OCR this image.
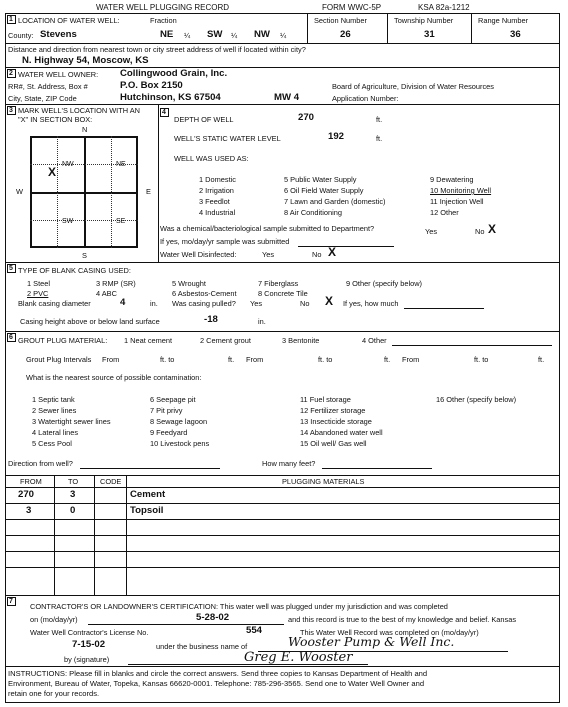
WATER WELL PLUGGING RECORD	FORM WWC-5P	KSA 82a-1212
1 LOCATION OF WATER WELL:	Fraction	Section Number	Township Number	Range Number
County: Stevens	NE ¼ SW ¼ NW ¼	26	31	36
Distance and direction from nearest town or city street address of well if located within city?
N. Highway 54, Moscow, KS
2 WATER WELL OWNER: Collingwood Grain, Inc.
RR#, St. Address, Box #	P.O. Box 2150	Board of Agriculture, Division of Water Resources
City, State, ZIP Code	Hutchinson, KS 67504	MW 4	Application Number:
3 MARK WELL'S LOCATION WITH AN
"X" IN SECTION BOX:
N
S
W	E
NW	NE
SW	SE
X
4
DEPTH OF WELL	270	ft.
WELL'S STATIC WATER LEVEL	192	ft.
WELL WAS USED AS:
1 Domestic
2 Irrigation
3 Feedlot
4 Industrial
5 Public Water Supply
6 Oil Field Water Supply
7 Lawn and Garden (domestic)
8 Air Conditioning
9 Dewatering
10 Monitoring Well
11 Injection Well
12 Other
Was a chemical/bacteriological sample submitted to Department?	Yes	No X
If yes, mo/day/yr sample was submitted
Water Well Disinfected:	Yes	No X
5 TYPE OF BLANK CASING USED:
1 Steel
2 PVC
3 RMP (SR)
4 ABC
5 Wrought
6 Asbestos-Cement
7 Fiberglass
8 Concrete Tile
9 Other (specify below)
Blank casing diameter	4	in. Was casing pulled? Yes	No X If yes, how much
Casing height above or below land surface	-18	in.
6 GROUT PLUG MATERIAL: 1 Neat cement	2 Cement grout	3 Bentonite	4 Other
Grout Plug Intervals From	ft. to	ft. From	ft. to	ft. From	ft. to	ft.
What is the nearest source of possible contamination:
1 Septic tank
2 Sewer lines
3 Watertight sewer lines
4 Lateral lines
5 Cess Pool
6 Seepage pit
7 Pit privy
8 Sewage lagoon
9 Feedyard
10 Livestock pens
11 Fuel storage
12 Fertilizer storage
13 Insecticide storage
14 Abandoned water well
15 Oil well/ Gas well
16 Other (specify below)
Direction from well?	How many feet?
FROM	TO	CODE	PLUGGING MATERIALS
270	3	Cement
3	0	Topsoil
7
CONTRACTOR'S OR LANDOWNER'S CERTIFICATION: This water well was plugged under my jurisdiction and was completed
on (mo/day/yr)	5-28-02	and this record is true to the best of my knowledge and belief. Kansas
Water Well Contractor's License No.	554	This Water Well Record was completed on (mo/day/yr)
7-15-02	under the business name of	Wooster Pump & Well Inc.
by (signature)	Greg E. Wooster
INSTRUCTIONS: Please fill in blanks and circle the correct answers. Send three copies to Kansas Department of Health and
Environment, Bureau of Water, Topeka, Kansas 66620-0001. Telephone: 785-296-3565. Send one to Water Well Owner and
retain one for your records.
